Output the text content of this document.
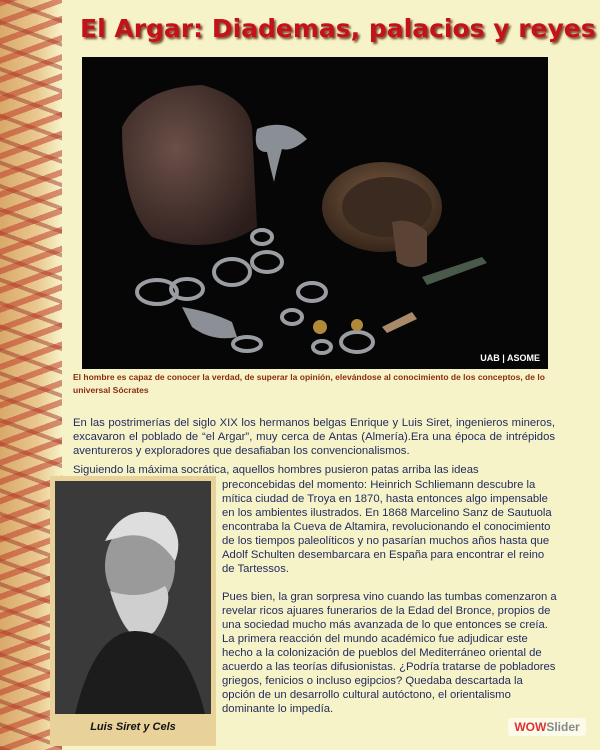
El Argar: Diademas, palacios y reyes
UAB | ASOME
El hombre es capaz de conocer la verdad, de superar la opinión, elevándose al conocimiento de los conceptos, de lo universal Sócrates
En las postrimerías del siglo XIX los hermanos belgas Enrique y Luis Siret, ingenieros mineros, excavaron el poblado de “el Argar”, muy cerca de Antas (Almería).Era una época de intrépidos aventureros y exploradores que desafiaban los convencionalismos.
Siguiendo la máxima socrática, aquellos hombres pusieron patas arriba las ideas
Luis Siret y Cels

preconcebidas del momento: Heinrich Schliemann descubre la mítica ciudad de Troya en 1870, hasta entonces algo impensable en los ambientes ilustrados. En 1868 Marcelino Sanz de Sautuola encontraba la Cueva de Altamira, revolucionando el conocimiento de los tiempos paleolíticos y no pasarían muchos años hasta que Adolf Schulten desembarcara en España para encontrar el reino de Tartessos.

Pues bien, la gran sorpresa vino cuando las tumbas comenzaron a revelar ricos ajuares funerarios de la Edad del Bronce, propios de una sociedad mucho más avanzada de lo que entonces se creía. La primera reacción del mundo académico fue adjudicar este hecho a la colonización de pueblos del Mediterráneo oriental de acuerdo a las teorías difusionistas. ¿Podría tratarse de pobladores griegos, fenicios o incluso egipcios? Quedaba descartada la opción de un desarrollo cultural autóctono, el orientalismo dominante lo impedía.

WOWSlider
